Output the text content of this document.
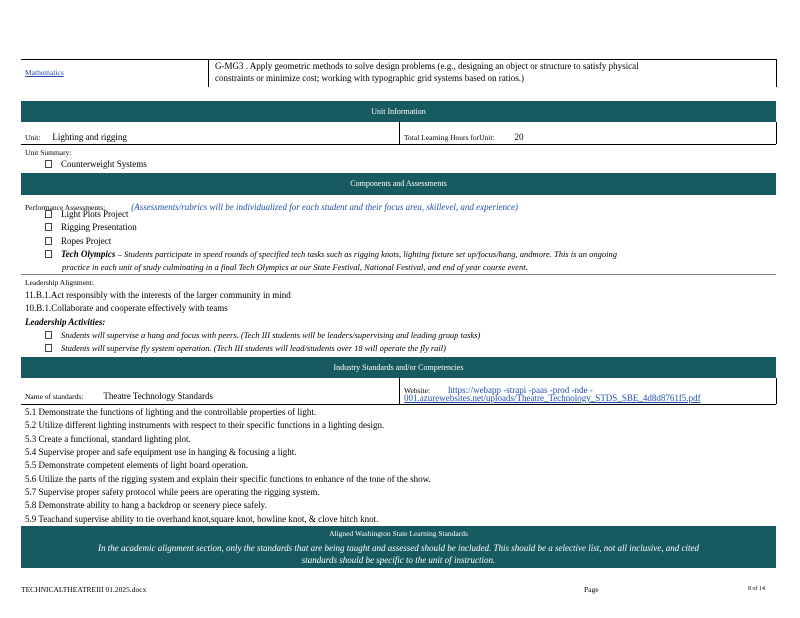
Mathematics
G-MG3 . Apply geometric methods to solve design problems (e.g., designing an object or structure to satisfy physical
constraints or minimize cost; working with typographic grid systems based on ratios.)
Unit Information
Unit: Lighting and rigging	Total Learning Hours forUnit: 20
Unit Summary:
Counterweight Systems
Components and Assessments
Performance Assessments:	(Assessments/rubrics will be individualized for each student and their focus area, skillevel, and experience)
Light Plots Project
Rigging Presentation
Ropes Project
Tech Olympics – Students participate in speed rounds of specified tech tasks such as rigging knots, lighting fixture set up/focus/hang, andmore. This is an ongoing
practice in each unit of study culminating in a final Tech Olympics at our State Festival, National Festival, and end of year course event.
Leadership Alignment:
11.B.1.Act responsibly with the interests of the larger community in mind
10.B.1.Collaborate and cooperate effectively with teams
Leadership Activities:
Students will supervise a hang and focus with peers. (Tech III students will be leaders/supervising and leading group tasks)
Students will supervise fly system operation. (Tech III students will lead/students over 18 will operate the fly rail)
Industry Standards and/or Competencies
Name of standards: Theatre Technology Standards
Website: https://webapp -strapi -paas -prod -nde -
001.azurewebsites.net/uploads/Theatre_Technology_STDS_SBE_4d8d8761f5.pdf
5.1 Demonstrate the functions of lighting and the controllable properties of light.
5.2 Utilize different lighting instruments with respect to their specific functions in a lighting design.
5.3 Create a functional, standard lighting plot.
5.4 Supervise proper and safe equipment use in hanging & focusing a light.
5.5 Demonstrate competent elements of light board operation.
5.6 Utilize the parts of the rigging system and explain their specific functions to enhance of the tone of the show.
5.7 Supervise proper safety protocol while peers are operating the rigging system.
5.8 Demonstrate ability to hang a backdrop or scenery piece safely.
5.9 Teachand supervise ability to tie overhand knot,square knot, bowline knot, & clove hitch knot.
Aligned Washington State Learning Standards
In the academic alignment section, only the standards that are being taught and assessed should be included. This should be a selective list, not all inclusive, and cited
standards should be specific to the unit of instruction.
TECHNICALTHEATREIII 01.2025.docx	Page	8 of 14
